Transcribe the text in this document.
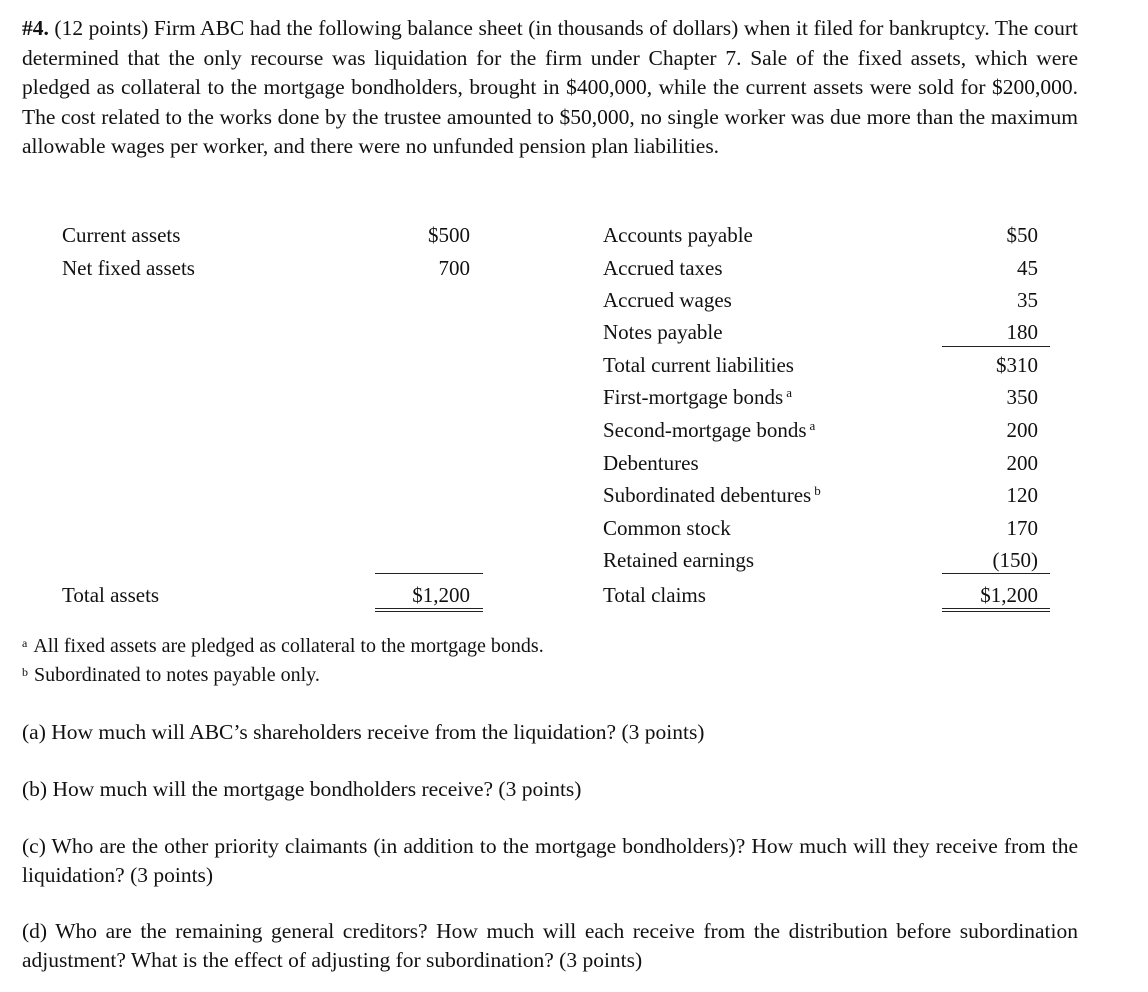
#4. (12 points) Firm ABC had the following balance sheet (in thousands of dollars) when it filed for bankruptcy. The court determined that the only recourse was liquidation for the firm under Chapter 7. Sale of the fixed assets, which were pledged as collateral to the mortgage bondholders, brought in $400,000, while the current assets were sold for $200,000. The cost related to the works done by the trustee amounted to $50,000, no single worker was due more than the maximum allowable wages per worker, and there were no unfunded pension plan liabilities.

Current assets	$500
Net fixed assets	700
Total assets	$1,200
Accounts payable	$50
Accrued taxes	45
Accrued wages	35
Notes payable	180
Total current liabilities	$310
First-mortgage bonds $^a$	350
Second-mortgage bonds $^a$	200
Debentures	200
Subordinated debentures $^b$	120
Common stock	170
Retained earnings	(150)
Total claims	$1,200
$^a$ All fixed assets are pledged as collateral to the mortgage bonds.
$^b$ Subordinated to notes payable only.

(a) How much will ABC’s shareholders receive from the liquidation? (3 points)

(b) How much will the mortgage bondholders receive? (3 points)

(c) Who are the other priority claimants (in addition to the mortgage bondholders)? How much will they receive from the liquidation? (3 points)

(d) Who are the remaining general creditors? How much will each receive from the distribution before subordination adjustment? What is the effect of adjusting for subordination? (3 points)
